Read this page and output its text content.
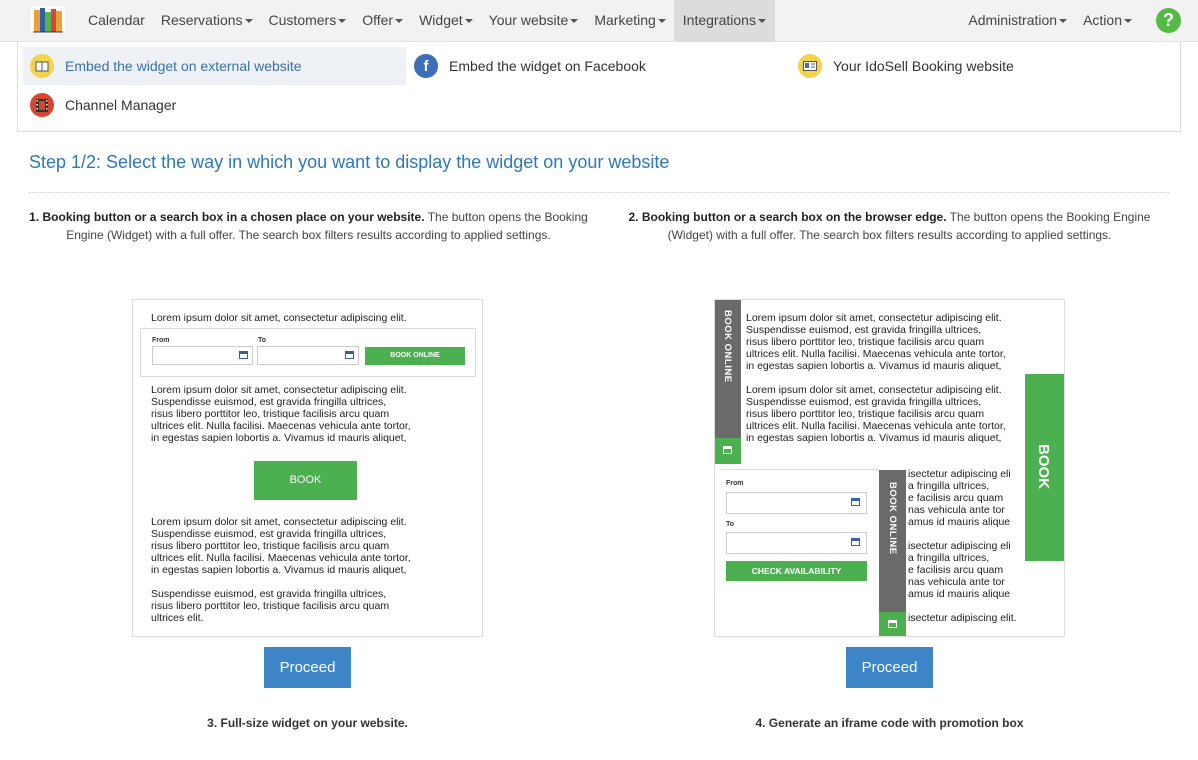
Calendar	Reservations	Customers	Offer	Widget	Your website	Marketing	Integrations	Administration	Action	?
Embed the widget on external website	f	Embed the widget on Facebook	Your IdoSell Booking website
Channel Manager
Step 1/2: Select the way in which you want to display the widget on your website
1. Booking button or a search box in a chosen place on your website. The button opens the Booking Engine (Widget) with a full offer. The search box filters results according to applied settings.
2. Booking button or a search box on the browser edge. The button opens the Booking Engine (Widget) with a full offer. The search box filters results according to applied settings.
Lorem ipsum dolor sit amet, consectetur adipiscing elit.
From	To
BOOK ONLINE
Lorem ipsum dolor sit amet, consectetur adipiscing elit.
Suspendisse euismod, est gravida fringilla ultrices,
risus libero porttitor leo, tristique facilisis arcu quam
ultrices elit. Nulla facilisi. Maecenas vehicula ante tortor,
in egestas sapien lobortis a. Vivamus id mauris aliquet,
BOOK
Lorem ipsum dolor sit amet, consectetur adipiscing elit.
Suspendisse euismod, est gravida fringilla ultrices,
risus libero porttitor leo, tristique facilisis arcu quam
ultrices elit. Nulla facilisi. Maecenas vehicula ante tortor,
in egestas sapien lobortis a. Vivamus id mauris aliquet,
Suspendisse euismod, est gravida fringilla ultrices,
risus libero porttitor leo, tristique facilisis arcu quam
ultrices elit.
BOOK ONLINE Lorem ipsum dolor sit amet, consectetur adipiscing elit.
Suspendisse euismod, est gravida fringilla ultrices,
risus libero porttitor leo, tristique facilisis arcu quam
ultrices elit. Nulla facilisi. Maecenas vehicula ante tortor,
in egestas sapien lobortis a. Vivamus id mauris aliquet,
Lorem ipsum dolor sit amet, consectetur adipiscing elit.
Suspendisse euismod, est gravida fringilla ultrices,
risus libero porttitor leo, tristique facilisis arcu quam
ultrices elit. Nulla facilisi. Maecenas vehicula ante tortor,
in egestas sapien lobortis a. Vivamus id mauris aliquet,
BOOK
From
To
CHECK AVAILABILITY
BOOK ONLINE
isectetur adipiscing eli
a fringilla ultrices,
e facilisis arcu quam
nas vehicula ante tor
amus id mauris alique
isectetur adipiscing eli
a fringilla ultrices,
e facilisis arcu quam
nas vehicula ante tor
amus id mauris alique
isectetur adipiscing elit.
Proceed	Proceed
3. Full-size widget on your website.	4. Generate an iframe code with promotion box
